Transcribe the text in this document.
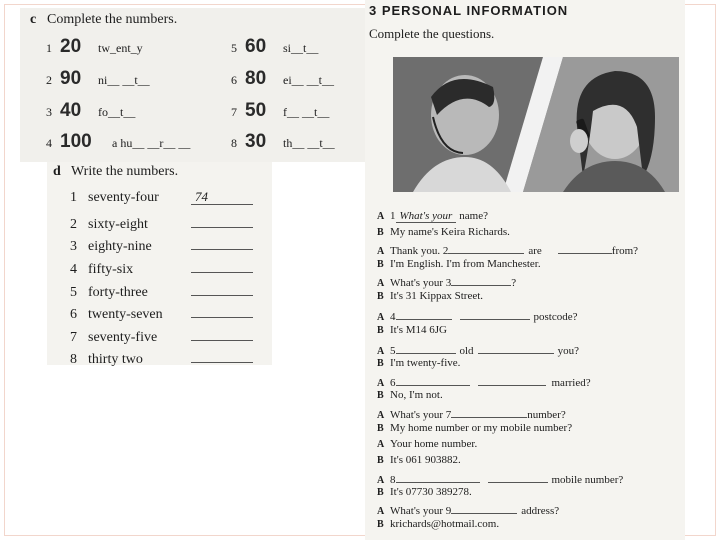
c Complete the numbers.
1 20	tw_ent_y
2 90	ni__ __t__
3 40	fo__t__
4 100	a hu__ __r__ __
5 60	si__t__
6 80	ei__ __t__
7 50	f__ __t__
8 30	th__ __t__
d Write the numbers.
1 seventy-four	74
2 sixty-eight
3 eighty-nine
4 fifty-six
5 forty-three
6 twenty-seven
7 seventy-five
8 thirty two
3 PERSONAL INFORMATION
Complete the questions.
A 1 What's your name?
B My name's Keira Richards.
A Thank you. 2	are	from?
B I'm English. I'm from Manchester.
A What's your 3	?
B It's 31 Kippax Street.
A 4	postcode?
B It's M14 6JG
A 5	old	you?
B I'm twenty-five.
A 6	married?
B No, I'm not.
A What's your 7	number?
B My home number or my mobile number?
A Your home number.
B It's 061 903882.
A 8	mobile number?
B It's 07730 389278.
A What's your 9	address?
B krichards@hotmail.com.
